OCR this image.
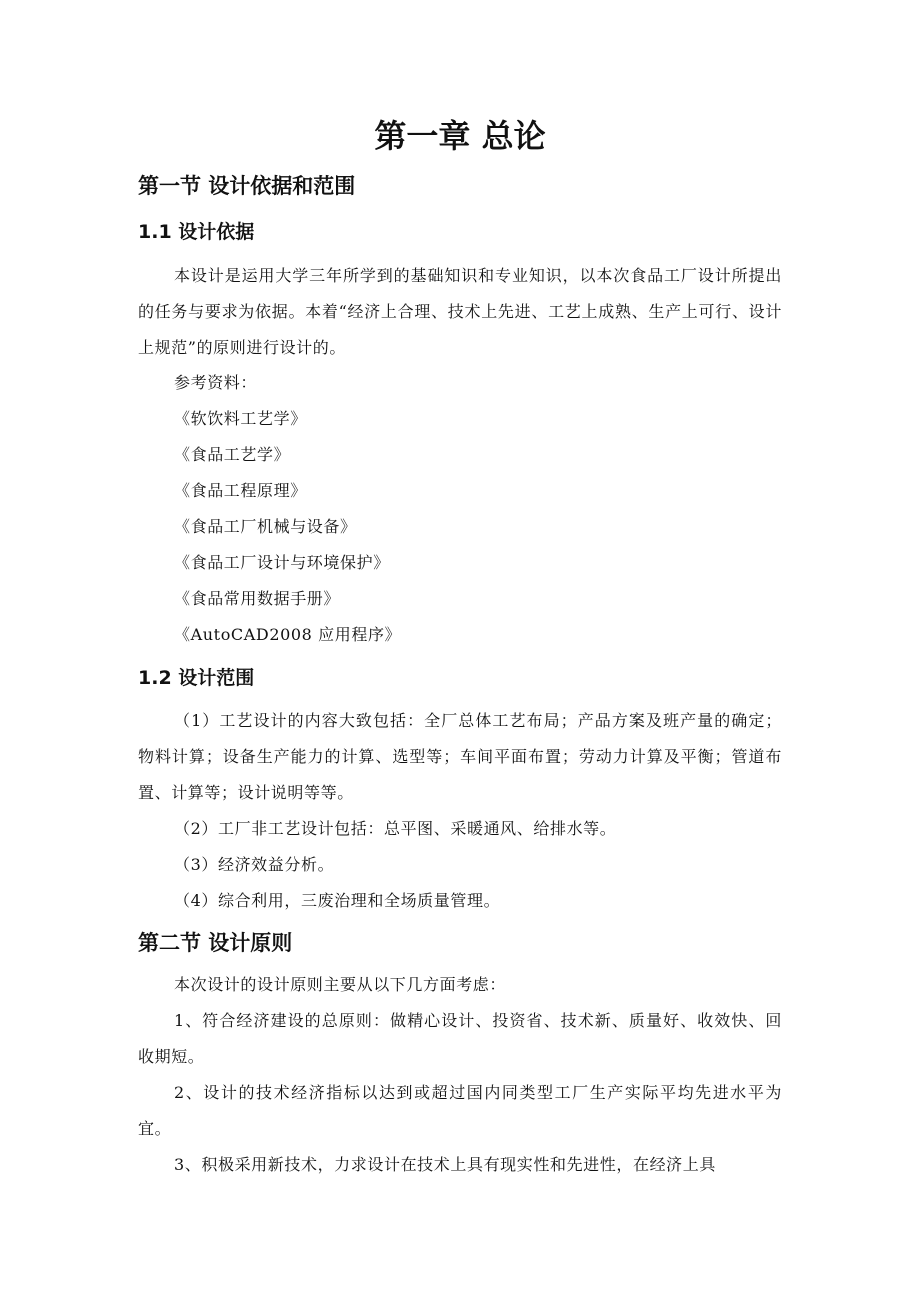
第一章 总论
第一节 设计依据和范围
1.1 设计依据
本设计是运用大学三年所学到的基础知识和专业知识，以本次食品工厂设计所提出的任务与要求为依据。本着“经济上合理、技术上先进、工艺上成熟、生产上可行、设计上规范”的原则进行设计的。
参考资料：
《软饮料工艺学》
《食品工艺学》
《食品工程原理》
《食品工厂机械与设备》
《食品工厂设计与环境保护》
《食品常用数据手册》
《AutoCAD2008 应用程序》
1.2 设计范围
（1）工艺设计的内容大致包括：全厂总体工艺布局；产品方案及班产量的确定；物料计算；设备生产能力的计算、选型等；车间平面布置；劳动力计算及平衡；管道布置、计算等；设计说明等等。
（2）工厂非工艺设计包括：总平图、采暖通风、给排水等。
（3）经济效益分析。
（4）综合利用，三废治理和全场质量管理。
第二节 设计原则
本次设计的设计原则主要从以下几方面考虑：
1、符合经济建设的总原则：做精心设计、投资省、技术新、质量好、收效快、回收期短。
2、设计的技术经济指标以达到或超过国内同类型工厂生产实际平均先进水平为宜。
3、积极采用新技术，力求设计在技术上具有现实性和先进性，在经济上具
